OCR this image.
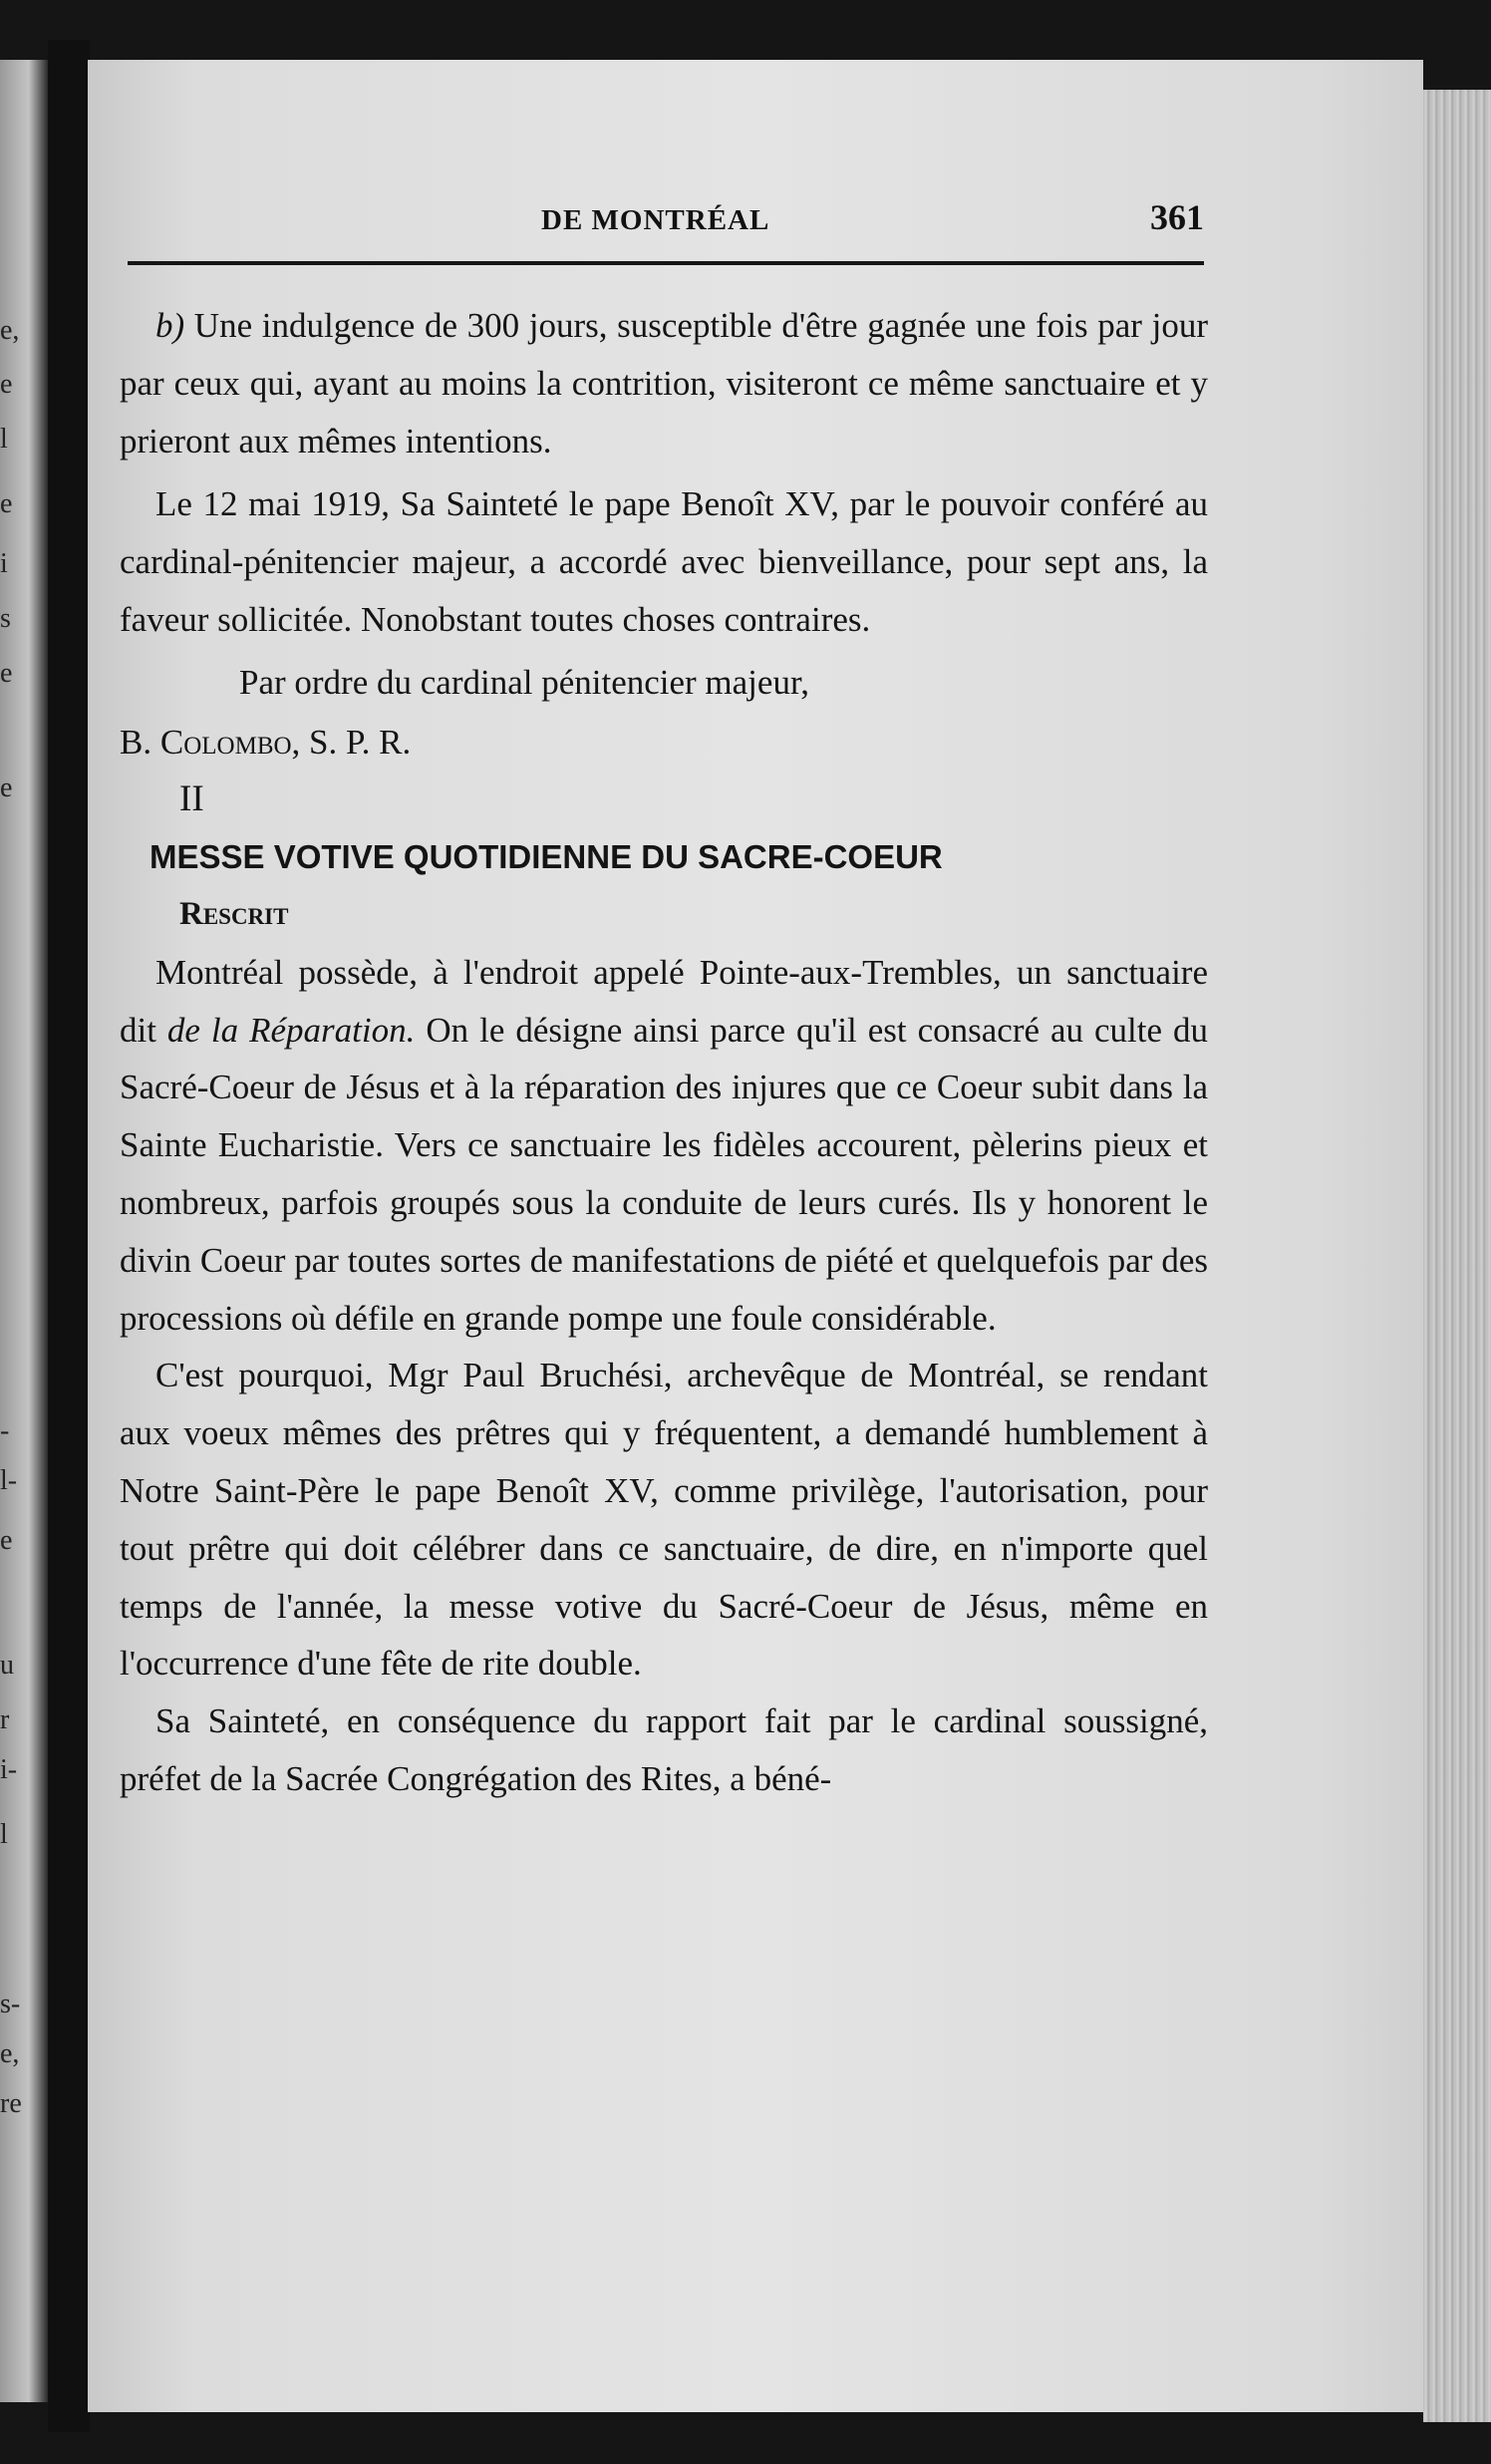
e,
e
l
e
i
s
e
e
-
l-
e
u
r
i-
l
s-
e,
re
DE MONTRÉAL	361

b) Une indulgence de 300 jours, susceptible d'être gagnée une fois par jour par ceux qui, ayant au moins la contrition, visiteront ce même sanctuaire et y prieront aux mêmes intentions.

Le 12 mai 1919, Sa Sainteté le pape Benoît XV, par le pouvoir conféré au cardinal-pénitencier majeur, a accordé avec bienveillance, pour sept ans, la faveur sollicitée. Nonobstant toutes choses contraires.

Par ordre du cardinal pénitencier majeur,

B. Colombo, S. P. R.

II

MESSE VOTIVE QUOTIDIENNE DU SACRE-COEUR

Rescrit

Montréal possède, à l'endroit appelé Pointe-aux-Trembles, un sanctuaire dit de la Réparation. On le désigne ainsi parce qu'il est consacré au culte du Sacré-Coeur de Jésus et à la réparation des injures que ce Coeur subit dans la Sainte Eucharistie. Vers ce sanctuaire les fidèles accourent, pèlerins pieux et nombreux, parfois groupés sous la conduite de leurs curés. Ils y honorent le divin Coeur par toutes sortes de manifestations de piété et quelquefois par des processions où défile en grande pompe une foule considérable.

C'est pourquoi, Mgr Paul Bruchési, archevêque de Montréal, se rendant aux voeux mêmes des prêtres qui y fréquentent, a demandé humblement à Notre Saint-Père le pape Benoît XV, comme privilège, l'autorisation, pour tout prêtre qui doit célébrer dans ce sanctuaire, de dire, en n'importe quel temps de l'année, la messe votive du Sacré-Coeur de Jésus, même en l'occurrence d'une fête de rite double.

Sa Sainteté, en conséquence du rapport fait par le cardinal soussigné, préfet de la Sacrée Congrégation des Rites, a béné-
